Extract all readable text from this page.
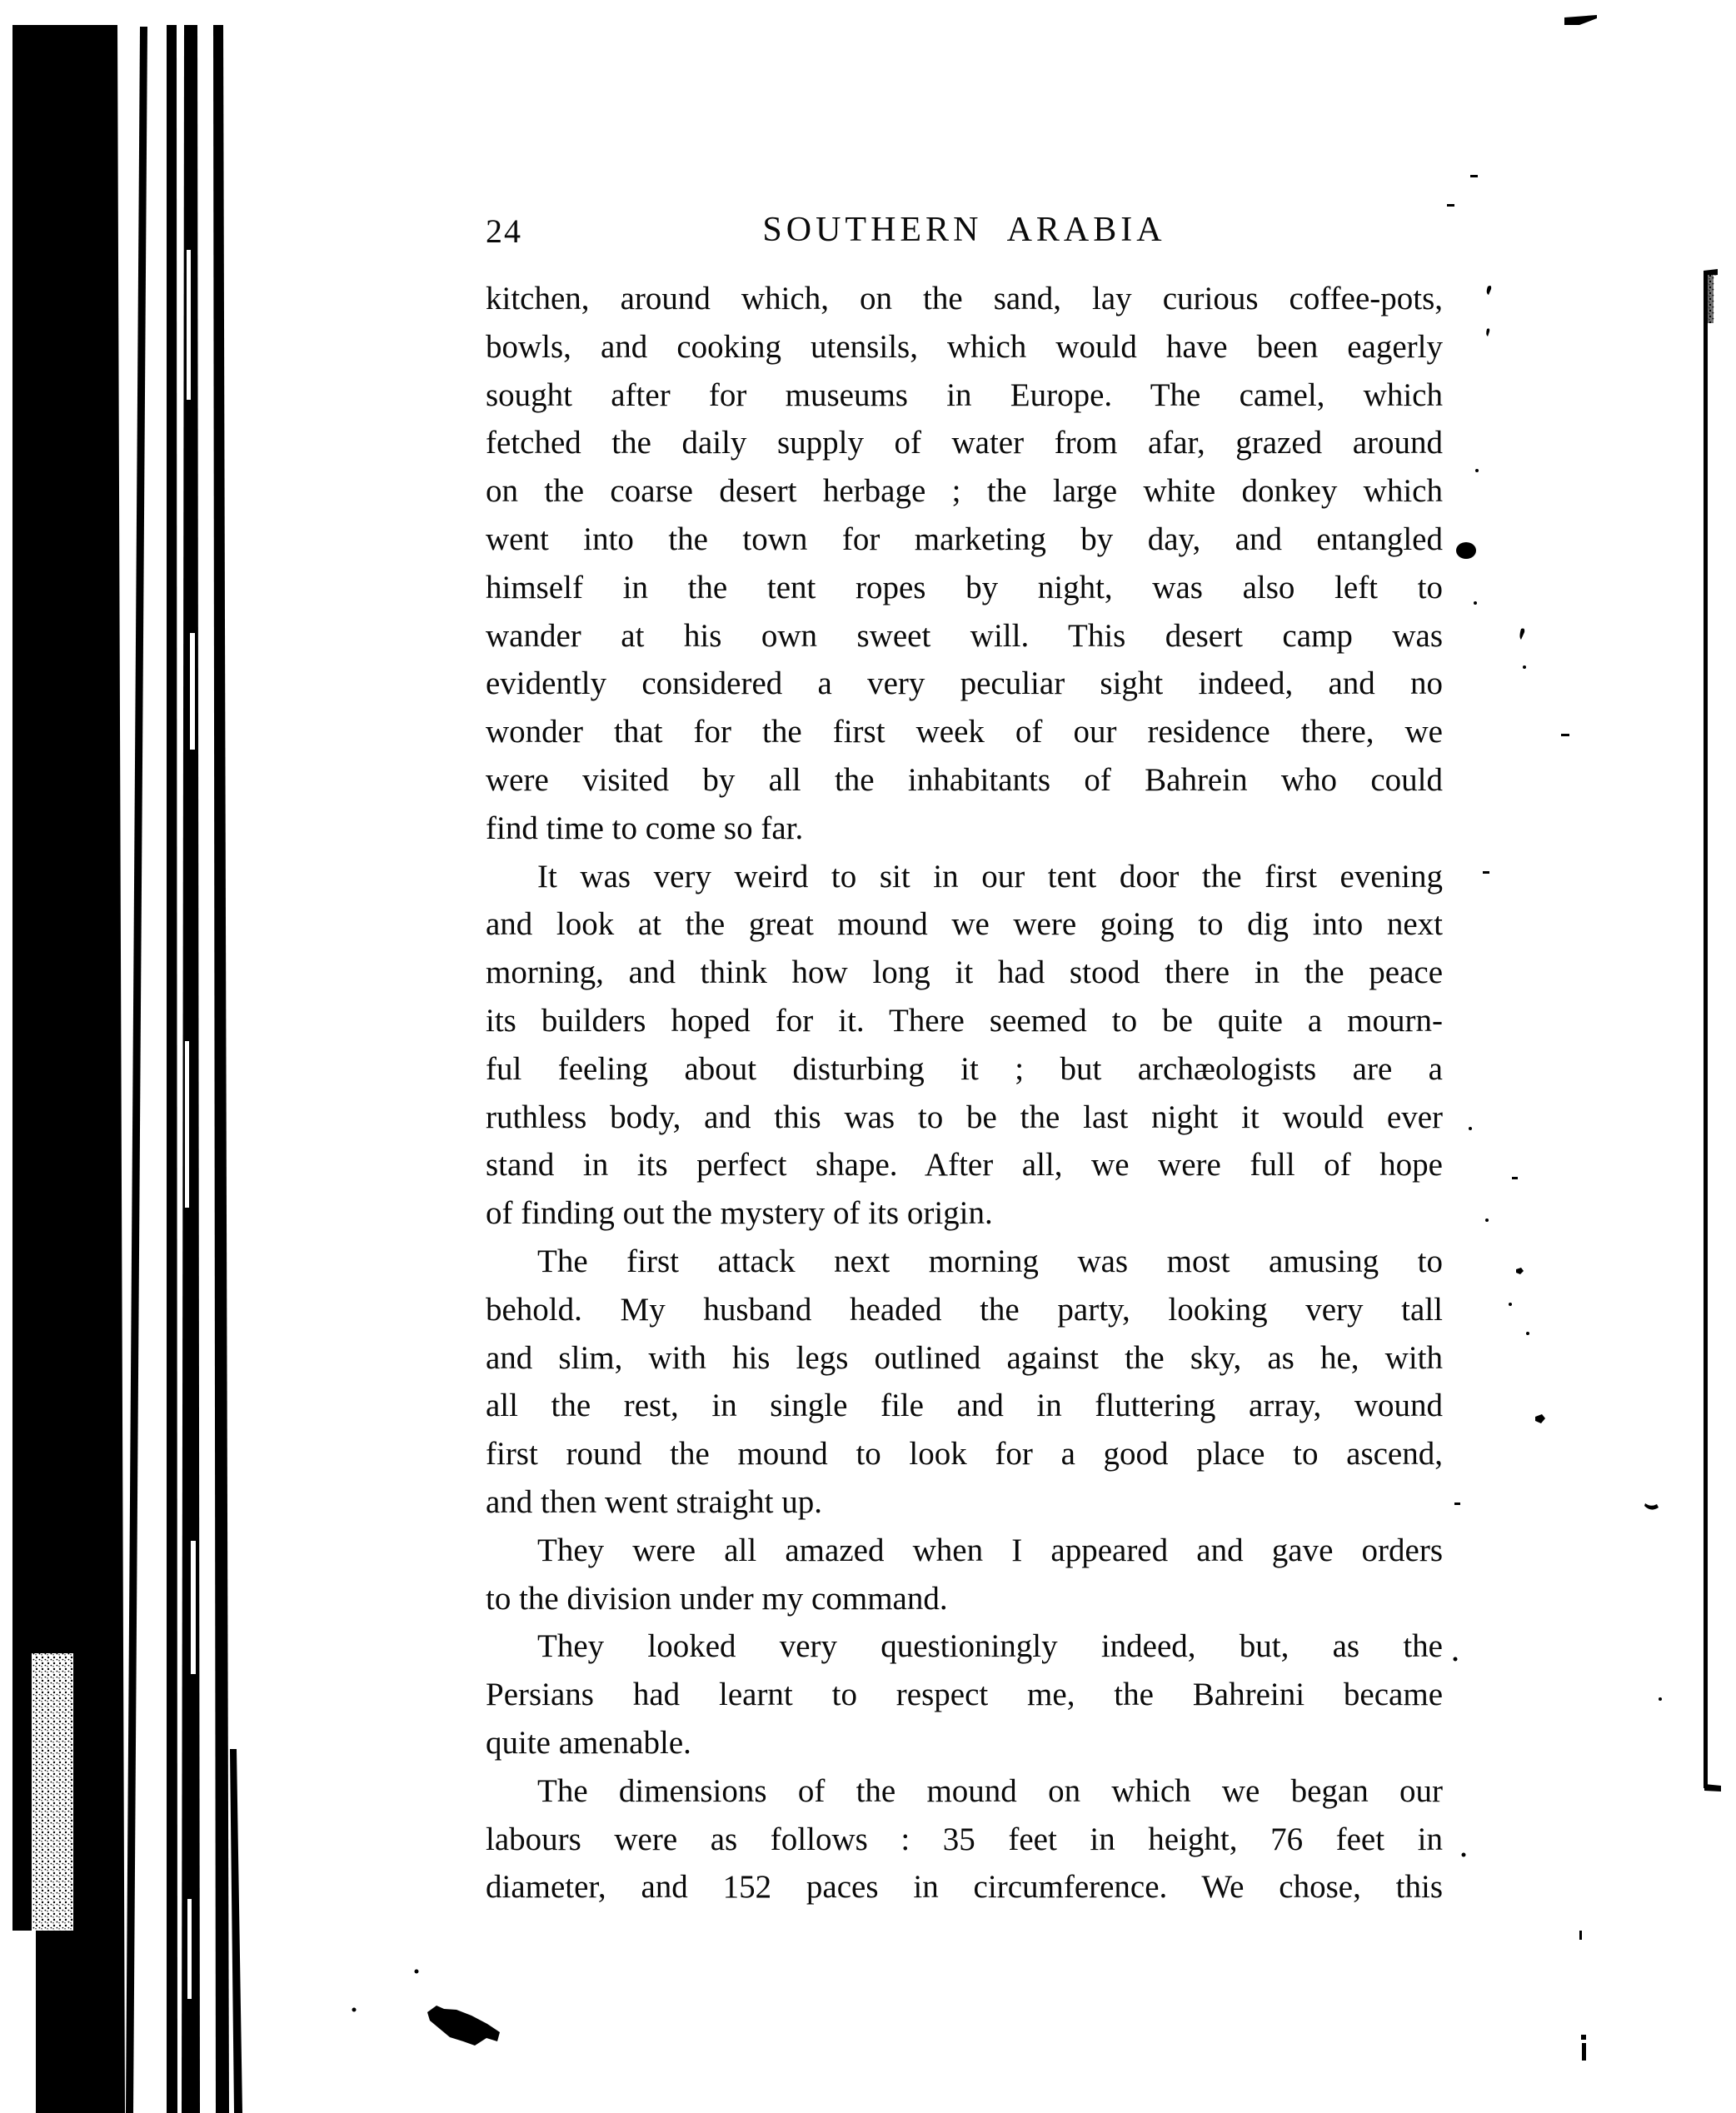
24	SOUTHERN ARABIA
kitchen, around which, on the sand, lay curious coffee-pots,
bowls, and cooking utensils, which would have been eagerly
sought after for museums in Europe. The camel, which
fetched the daily supply of water from afar, grazed around
on the coarse desert herbage ; the large white donkey which
went into the town for marketing by day, and entangled
himself in the tent ropes by night, was also left to
wander at his own sweet will. This desert camp was
evidently considered a very peculiar sight indeed, and no
wonder that for the first week of our residence there, we
were visited by all the inhabitants of Bahrein who could
find time to come so far.
It was very weird to sit in our tent door the first evening
and look at the great mound we were going to dig into next
morning, and think how long it had stood there in the peace
its builders hoped for it. There seemed to be quite a mourn-
ful feeling about disturbing it ; but archæologists are a
ruthless body, and this was to be the last night it would ever
stand in its perfect shape. After all, we were full of hope
of finding out the mystery of its origin.
The first attack next morning was most amusing to
behold. My husband headed the party, looking very tall
and slim, with his legs outlined against the sky, as he, with
all the rest, in single file and in fluttering array, wound
first round the mound to look for a good place to ascend,
and then went straight up.
They were all amazed when I appeared and gave orders
to the division under my command.
They looked very questioningly indeed, but, as the
Persians had learnt to respect me, the Bahreini became
quite amenable.
The dimensions of the mound on which we began our
labours were as follows : 35 feet in height, 76 feet in
diameter, and 152 paces in circumference. We chose, this
